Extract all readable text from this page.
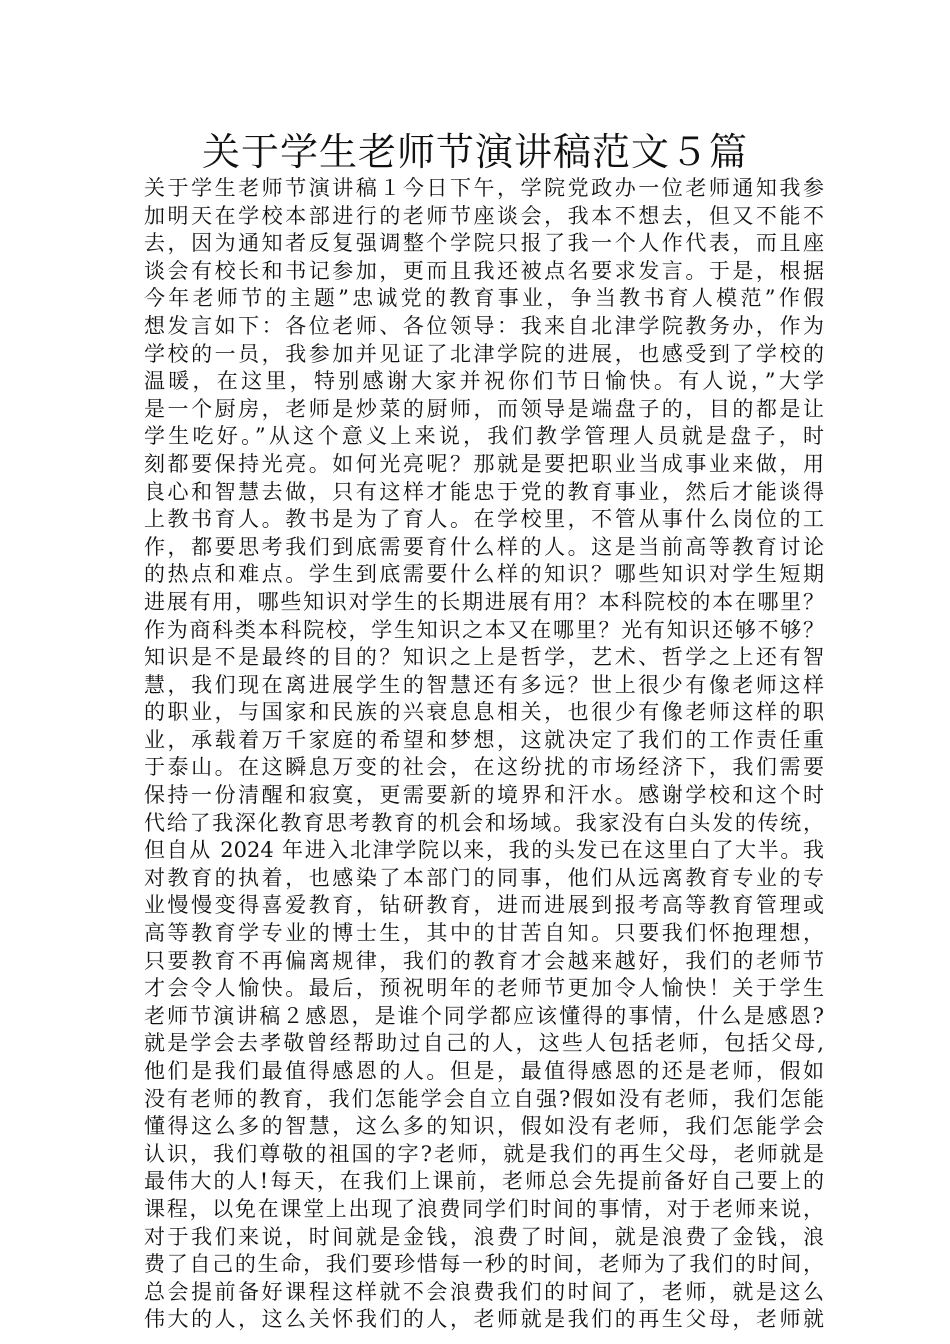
关于学生老师节演讲稿范文５篇
关于学生老师节演讲稿１今日下午，学院党政办一位老师通知我参
加明天在学校本部进行的老师节座谈会，我本不想去，但又不能不
去，因为通知者反复强调整个学院只报了我一个人作代表，而且座
谈会有校长和书记参加，更而且我还被点名要求发言。于是，根据
今年老师节的主题”忠诚党的教育事业，争当教书育人模范”作假
想发言如下：各位老师、各位领导：我来自北津学院教务办，作为
学校的一员，我参加并见证了北津学院的进展，也感受到了学校的
温暖，在这里，特别感谢大家并祝你们节日愉快。有人说，”大学
是一个厨房，老师是炒菜的厨师，而领导是端盘子的，目的都是让
学生吃好。”从这个意义上来说，我们教学管理人员就是盘子，时
刻都要保持光亮。如何光亮呢？那就是要把职业当成事业来做，用
良心和智慧去做，只有这样才能忠于党的教育事业，然后才能谈得
上教书育人。教书是为了育人。在学校里，不管从事什么岗位的工
作，都要思考我们到底需要育什么样的人。这是当前高等教育讨论
的热点和难点。学生到底需要什么样的知识？哪些知识对学生短期
进展有用，哪些知识对学生的长期进展有用？本科院校的本在哪里？
作为商科类本科院校，学生知识之本又在哪里？光有知识还够不够？
知识是不是最终的目的？知识之上是哲学，艺术、哲学之上还有智
慧，我们现在离进展学生的智慧还有多远？世上很少有像老师这样
的职业，与国家和民族的兴衰息息相关，也很少有像老师这样的职
业，承载着万千家庭的希望和梦想，这就决定了我们的工作责任重
于泰山。在这瞬息万变的社会，在这纷扰的市场经济下，我们需要
保持一份清醒和寂寞，更需要新的境界和汗水。感谢学校和这个时
代给了我深化教育思考教育的机会和场域。我家没有白头发的传统，
但自从 2024 年进入北津学院以来，我的头发已在这里白了大半。我
对教育的执着，也感染了本部门的同事，他们从远离教育专业的专
业慢慢变得喜爱教育，钻研教育，进而进展到报考高等教育管理或
高等教育学专业的博士生，其中的甘苦自知。只要我们怀抱理想，
只要教育不再偏离规律，我们的教育才会越来越好，我们的老师节
才会令人愉快。最后，预祝明年的老师节更加令人愉快！关于学生
老师节演讲稿２感恩，是谁个同学都应该懂得的事情，什么是感恩?
就是学会去孝敬曾经帮助过自己的人，这些人包括老师，包括父母,
他们是我们最值得感恩的人。但是，最值得感恩的还是老师，假如
没有老师的教育，我们怎能学会自立自强?假如没有老师，我们怎能
懂得这么多的智慧，这么多的知识，假如没有老师，我们怎能学会
认识，我们尊敬的祖国的字?老师，就是我们的再生父母，老师就是
最伟大的人!每天，在我们上课前，老师总会先提前备好自己要上的
课程，以免在课堂上出现了浪费同学们时间的事情，对于老师来说，
对于我们来说，时间就是金钱，浪费了时间，就是浪费了金钱，浪
费了自己的生命，我们要珍惜每一秒的时间，老师为了我们的时间，
总会提前备好课程这样就不会浪费我们的时间了，老师，就是这么
伟大的人，这么关怀我们的人，老师就是我们的再生父母，老师就
